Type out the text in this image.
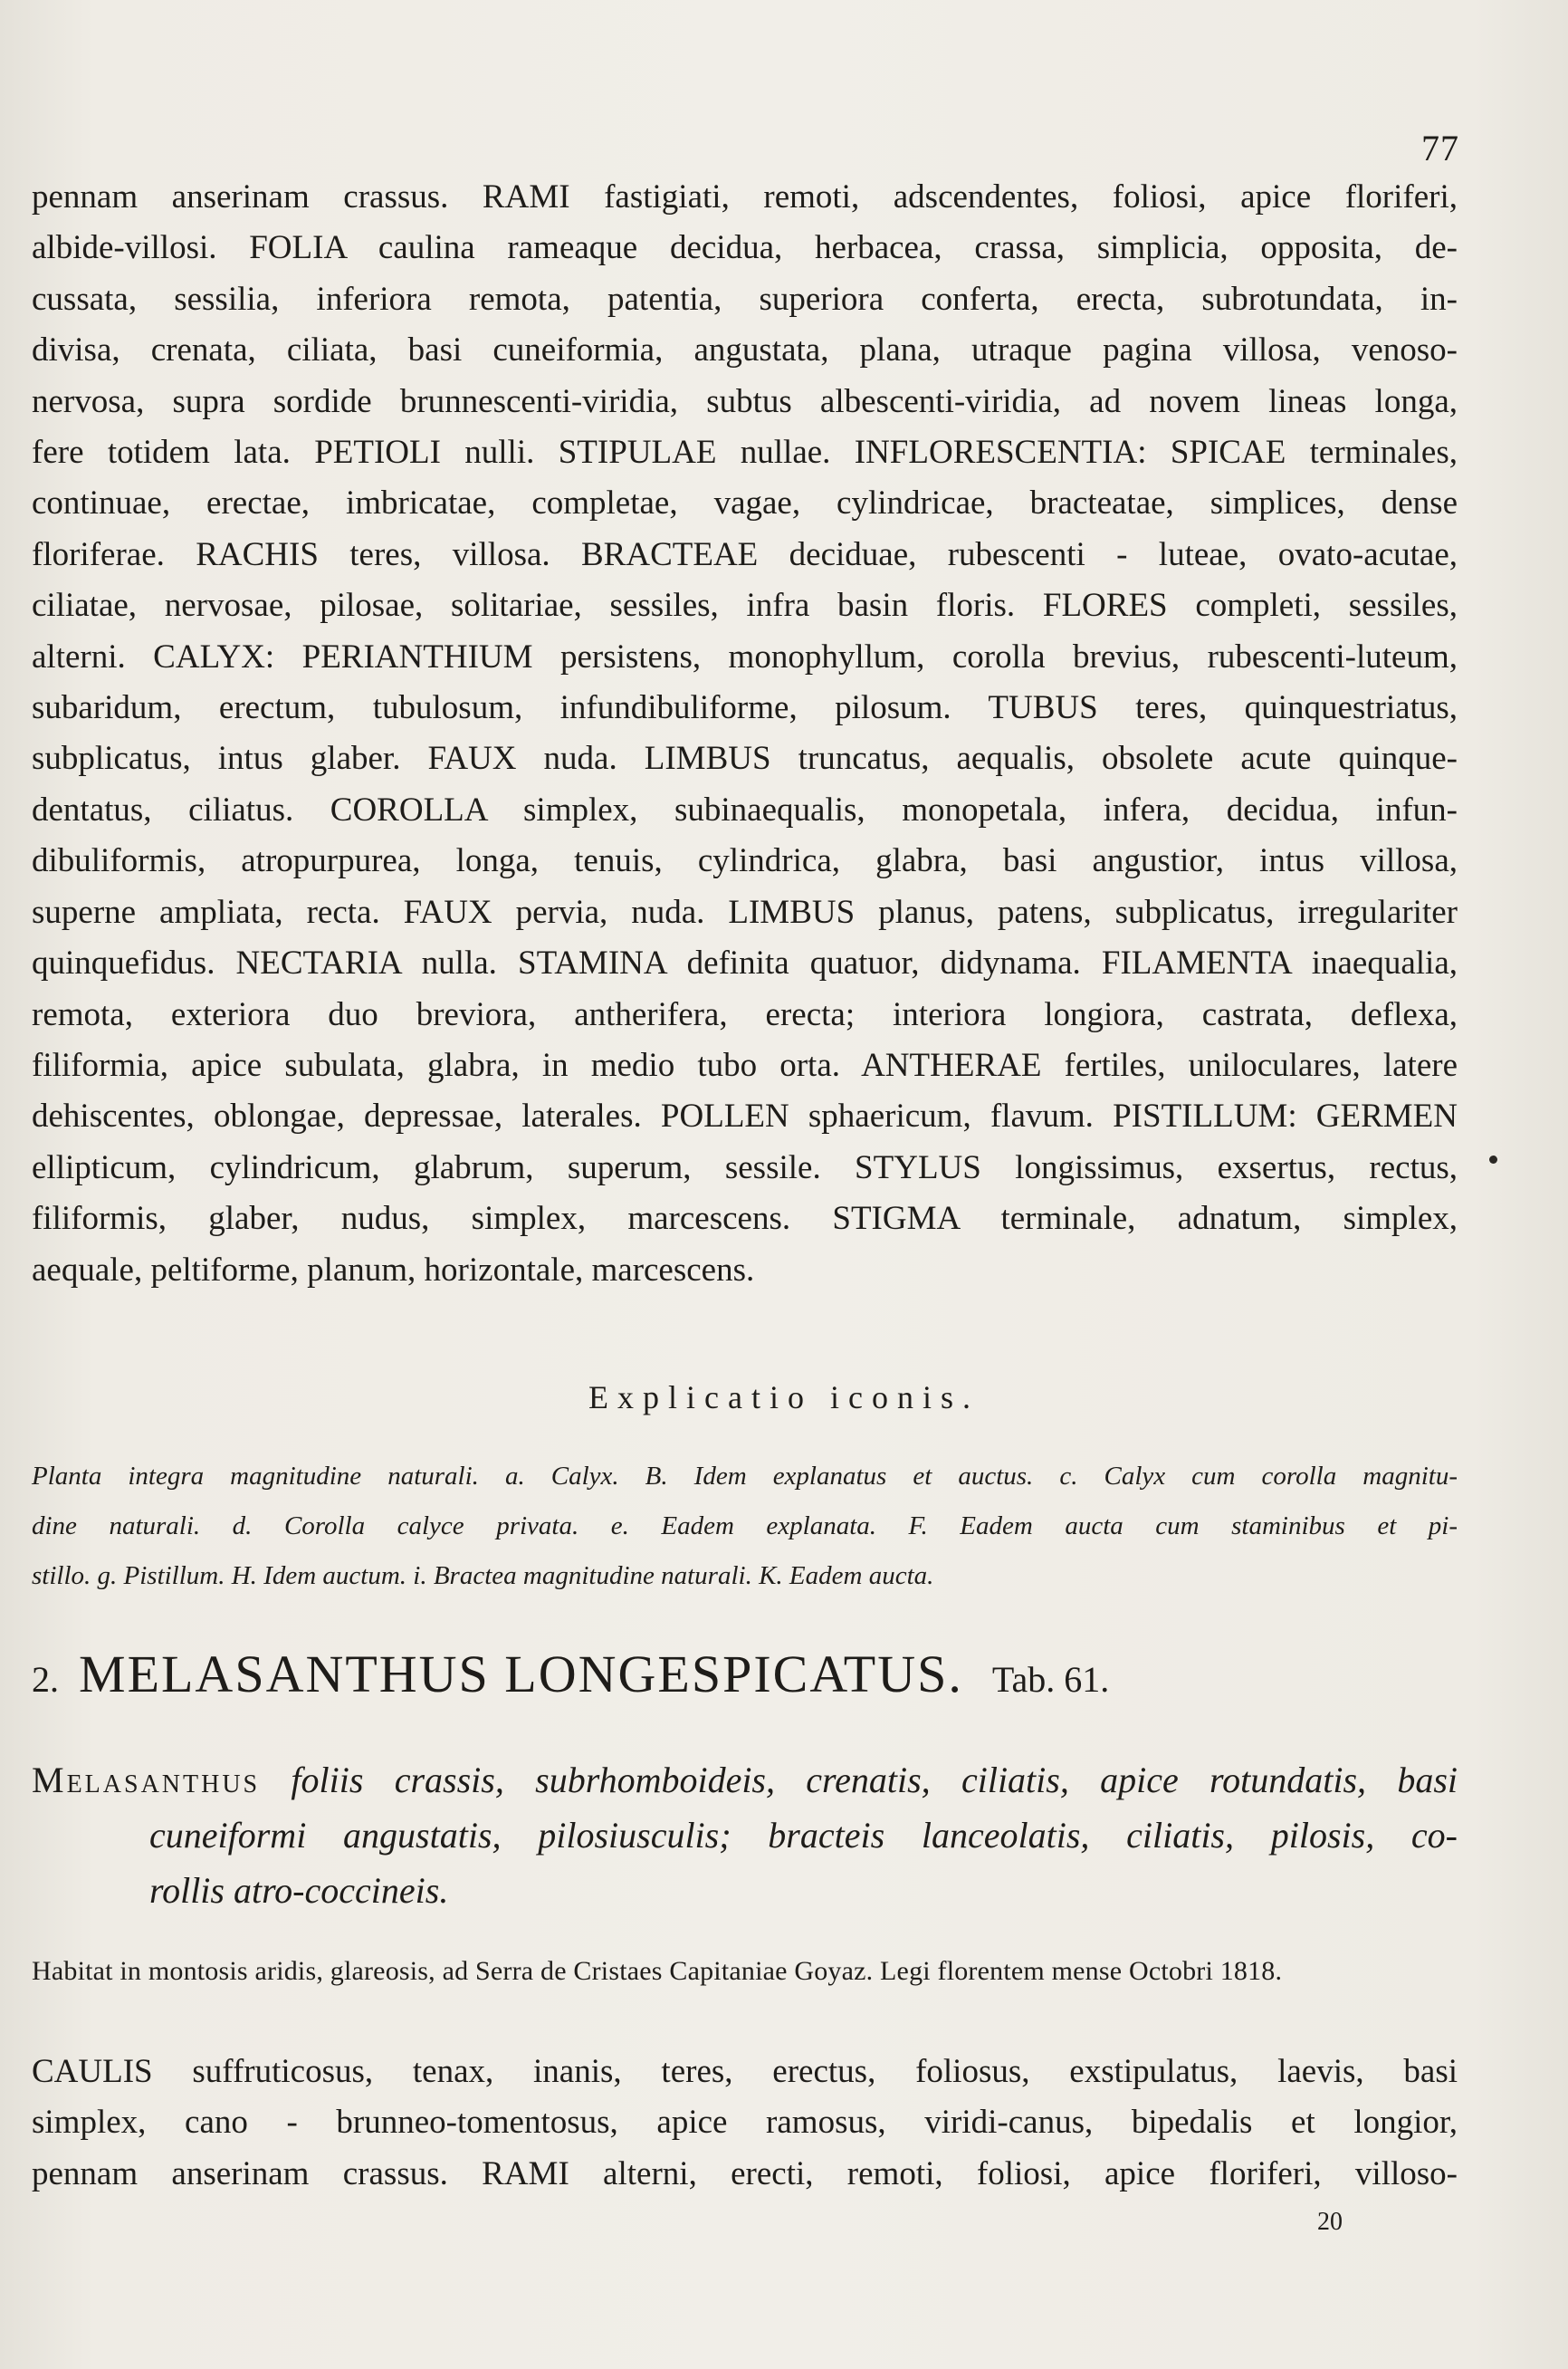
77
pennam anserinam crassus. RAMI fastigiati, remoti, adscendentes, foliosi, apice floriferi,
albide-villosi. FOLIA caulina rameaque decidua, herbacea, crassa, simplicia, opposita, de-
cussata, sessilia, inferiora remota, patentia, superiora conferta, erecta, subrotundata, in-
divisa, crenata, ciliata, basi cuneiformia, angustata, plana, utraque pagina villosa, venoso-
nervosa, supra sordide brunnescenti-viridia, subtus albescenti-viridia, ad novem lineas longa,
fere totidem lata. PETIOLI nulli. STIPULAE nullae. INFLORESCENTIA: SPICAE terminales,
continuae, erectae, imbricatae, completae, vagae, cylindricae, bracteatae, simplices, dense
floriferae. RACHIS teres, villosa. BRACTEAE deciduae, rubescenti - luteae, ovato-acutae,
ciliatae, nervosae, pilosae, solitariae, sessiles, infra basin floris. FLORES completi, sessiles,
alterni. CALYX: PERIANTHIUM persistens, monophyllum, corolla brevius, rubescenti-luteum,
subaridum, erectum, tubulosum, infundibuliforme, pilosum. TUBUS teres, quinquestriatus,
subplicatus, intus glaber. FAUX nuda. LIMBUS truncatus, aequalis, obsolete acute quinque-
dentatus, ciliatus. COROLLA simplex, subinaequalis, monopetala, infera, decidua, infun-
dibuliformis, atropurpurea, longa, tenuis, cylindrica, glabra, basi angustior, intus villosa,
superne ampliata, recta. FAUX pervia, nuda. LIMBUS planus, patens, subplicatus, irregulariter
quinquefidus. NECTARIA nulla. STAMINA definita quatuor, didynama. FILAMENTA inaequalia,
remota, exteriora duo breviora, antherifera, erecta; interiora longiora, castrata, deflexa,
filiformia, apice subulata, glabra, in medio tubo orta. ANTHERAE fertiles, uniloculares, latere
dehiscentes, oblongae, depressae, laterales. POLLEN sphaericum, flavum. PISTILLUM: GERMEN
ellipticum, cylindricum, glabrum, superum, sessile. STYLUS longissimus, exsertus, rectus,
filiformis, glaber, nudus, simplex, marcescens. STIGMA terminale, adnatum, simplex,
aequale, peltiforme, planum, horizontale, marcescens.
Explicatio iconis.
Planta integra magnitudine naturali. a. Calyx. B. Idem explanatus et auctus. c. Calyx cum corolla magnitu-
dine naturali. d. Corolla calyce privata. e. Eadem explanata. F. Eadem aucta cum staminibus et pi-
stillo. g. Pistillum. H. Idem auctum. i. Bractea magnitudine naturali. K. Eadem aucta.
2. MELASANTHUS LONGESPICATUS. Tab. 61.
Melasanthus foliis crassis, subrhomboideis, crenatis, ciliatis, apice rotundatis, basi
cuneiformi angustatis, pilosiusculis; bracteis lanceolatis, ciliatis, pilosis, co-
rollis atro-coccineis.
Habitat in montosis aridis, glareosis, ad Serra de Cristaes Capitaniae Goyaz. Legi florentem mense Octobri 1818.
CAULIS suffruticosus, tenax, inanis, teres, erectus, foliosus, exstipulatus, laevis, basi
simplex, cano - brunneo-tomentosus, apice ramosus, viridi-canus, bipedalis et longior,
pennam anserinam crassus. RAMI alterni, erecti, remoti, foliosi, apice floriferi, villoso-
20
